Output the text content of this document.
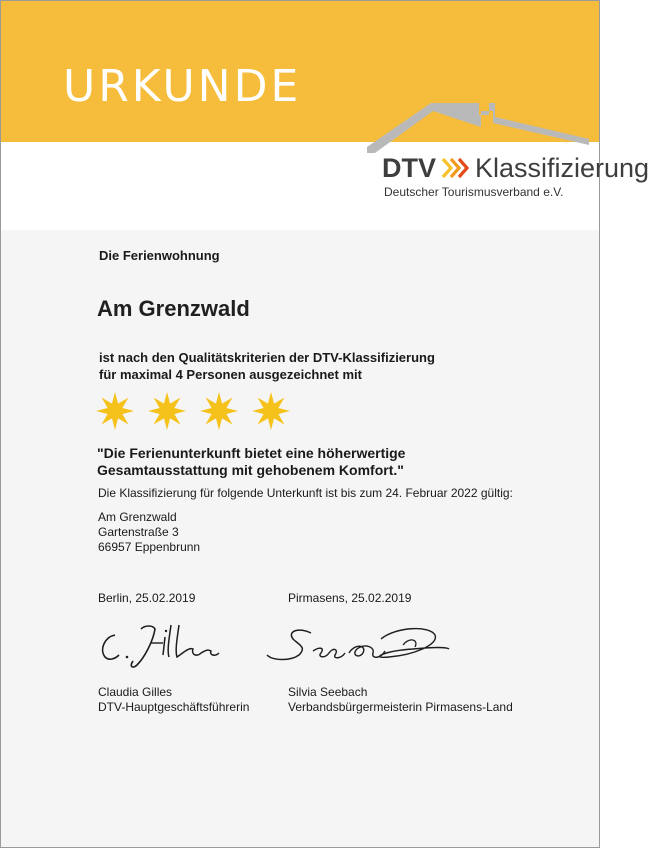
URKUNDE
DTV Klassifizierung
Deutscher Tourismusverband e.V.
Die Ferienwohnung
Am Grenzwald
ist nach den Qualitätskriterien der DTV-Klassifizierung
für maximal 4 Personen ausgezeichnet mit
"Die Ferienunterkunft bietet eine höherwertige
Gesamtausstattung mit gehobenem Komfort."
Die Klassifizierung für folgende Unterkunft ist bis zum 24. Februar 2022 gültig:
Am Grenzwald
Gartenstraße 3
66957 Eppenbrunn
Berlin, 25.02.2019	Pirmasens, 25.02.2019
Claudia Gilles
DTV-Hauptgeschäftsführerin
Silvia Seebach
Verbandsbürgermeisterin Pirmasens-Land
